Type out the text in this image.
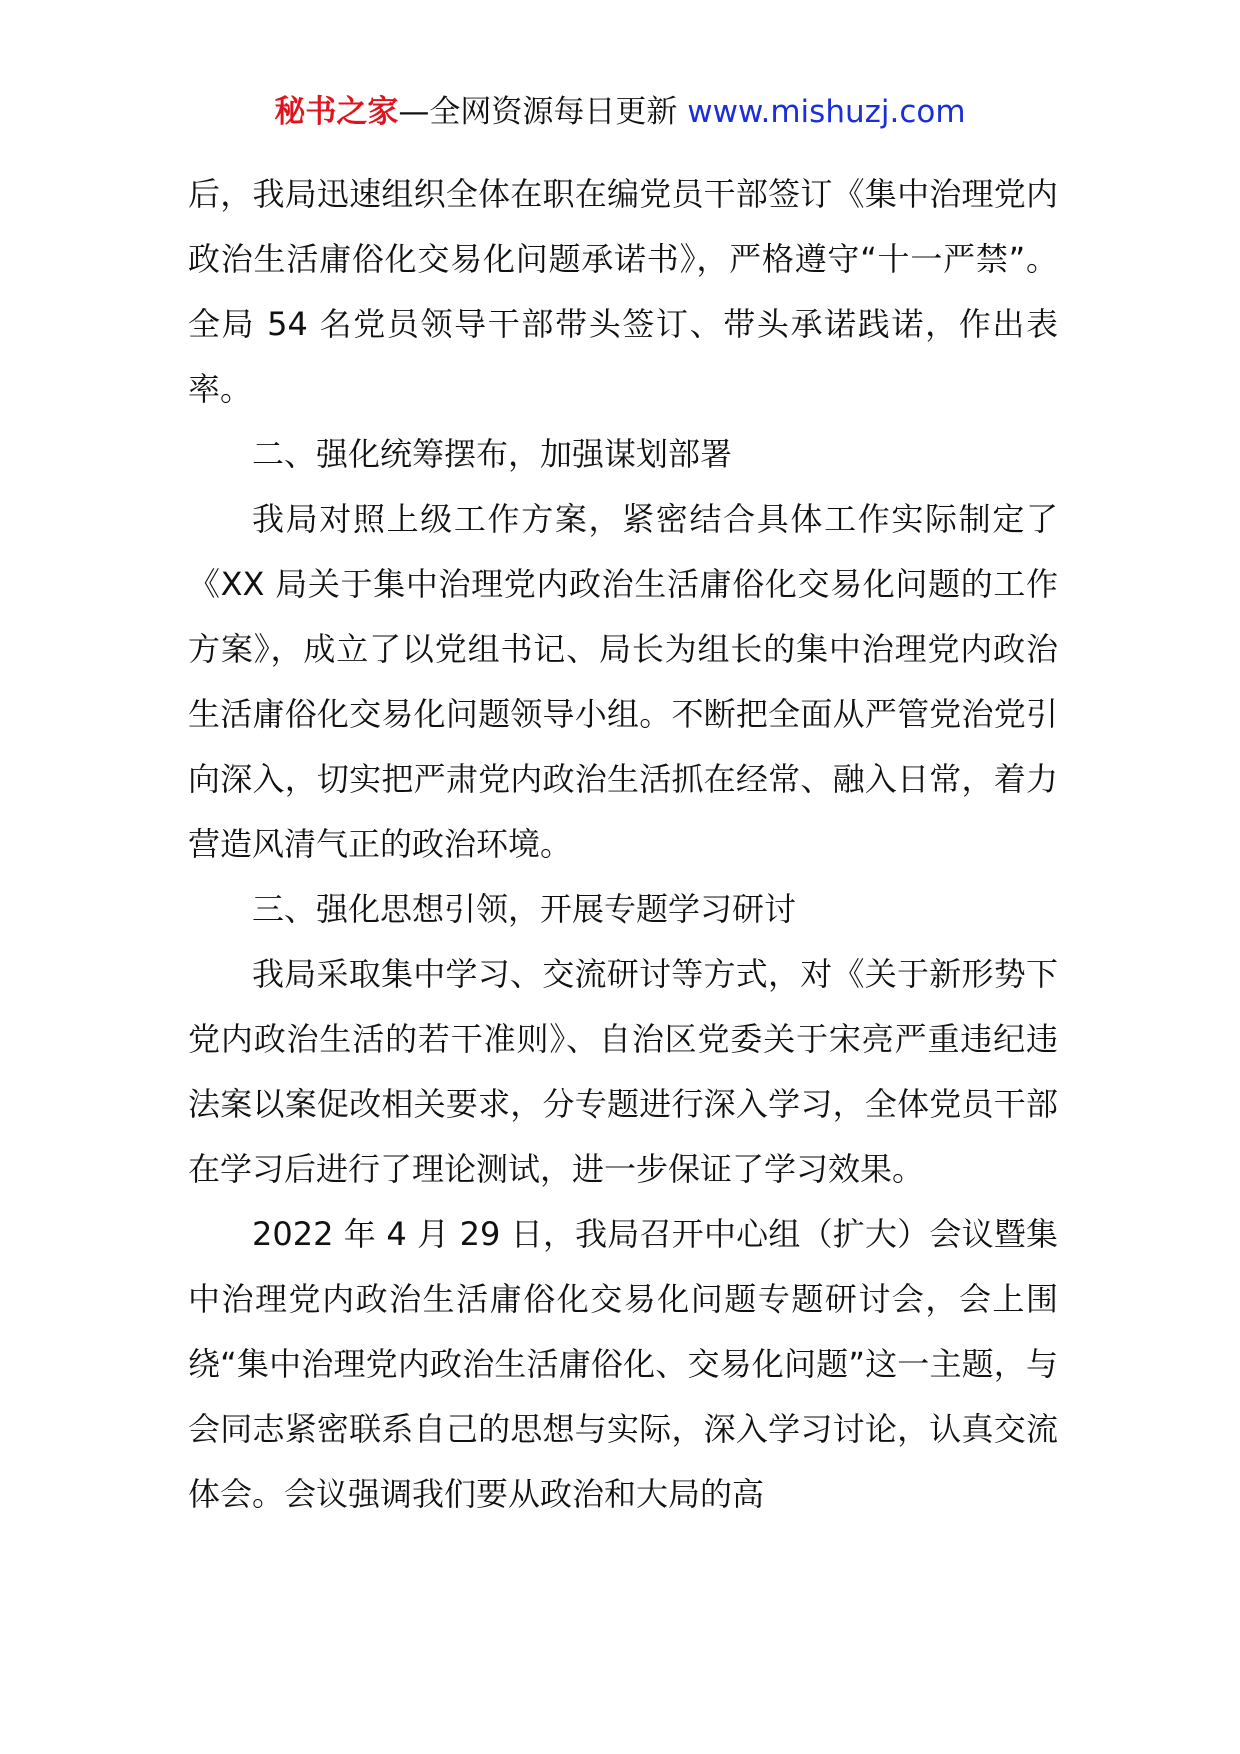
秘书之家—全网资源每日更新 www.mishuzj.com

后，我局迅速组织全体在职在编党员干部签订《集中治理党内政治生活庸俗化交易化问题承诺书》，严格遵守“十一严禁”。全局 54 名党员领导干部带头签订、带头承诺践诺，作出表率。

二、强化统筹摆布，加强谋划部署

我局对照上级工作方案，紧密结合具体工作实际制定了《XX 局关于集中治理党内政治生活庸俗化交易化问题的工作方案》，成立了以党组书记、局长为组长的集中治理党内政治生活庸俗化交易化问题领导小组。不断把全面从严管党治党引向深入，切实把严肃党内政治生活抓在经常、融入日常，着力营造风清气正的政治环境。

三、强化思想引领，开展专题学习研讨

我局采取集中学习、交流研讨等方式，对《关于新形势下党内政治生活的若干准则》、自治区党委关于宋亮严重违纪违法案以案促改相关要求，分专题进行深入学习，全体党员干部在学习后进行了理论测试，进一步保证了学习效果。

2022 年 4 月 29 日，我局召开中心组（扩大）会议暨集中治理党内政治生活庸俗化交易化问题专题研讨会，会上围绕“集中治理党内政治生活庸俗化、交易化问题”这一主题，与会同志紧密联系自己的思想与实际，深入学习讨论，认真交流体会。会议强调我们要从政治和大局的高
